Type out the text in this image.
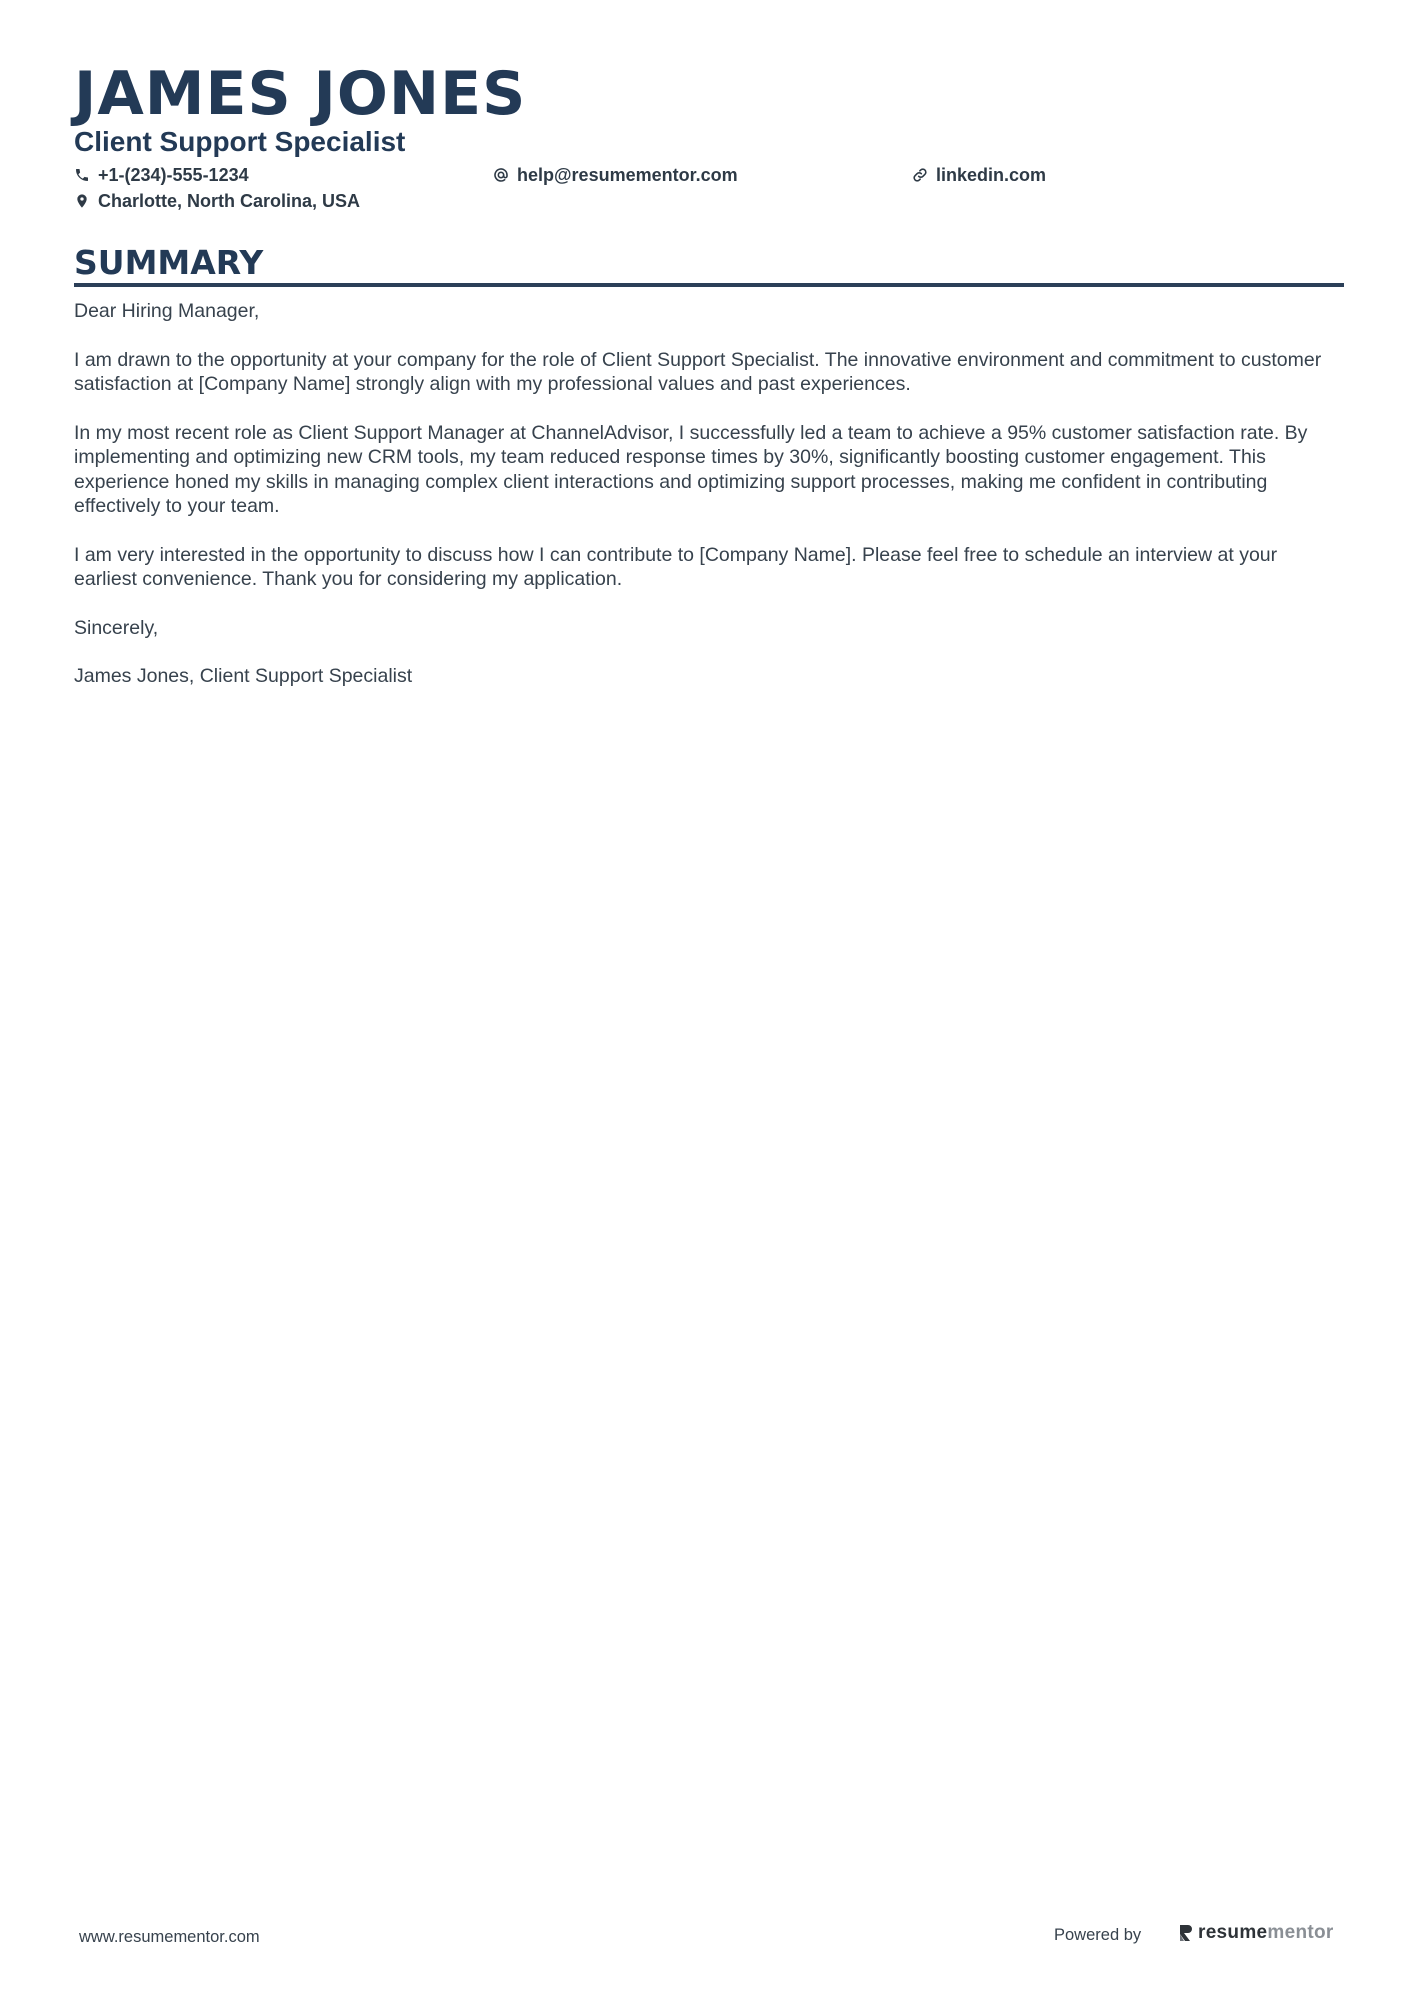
JAMES JONES
Client Support Specialist
+1-(234)-555-1234	help@resumementor.com	linkedin.com
Charlotte, North Carolina, USA
SUMMARY

Dear Hiring Manager,

I am drawn to the opportunity at your company for the role of Client Support Specialist. The innovative environment and commitment to customer satisfaction at [Company Name] strongly align with my professional values and past experiences.

In my most recent role as Client Support Manager at ChannelAdvisor, I successfully led a team to achieve a 95% customer satisfaction rate. By implementing and optimizing new CRM tools, my team reduced response times by 30%, significantly boosting customer engagement. This experience honed my skills in managing complex client interactions and optimizing support processes, making me confident in contributing effectively to your team.

I am very interested in the opportunity to discuss how I can contribute to [Company Name]. Please feel free to schedule an interview at your earliest convenience. Thank you for considering my application.

Sincerely,

James Jones, Client Support Specialist

www.resumementor.com	Powered by	resumementor
